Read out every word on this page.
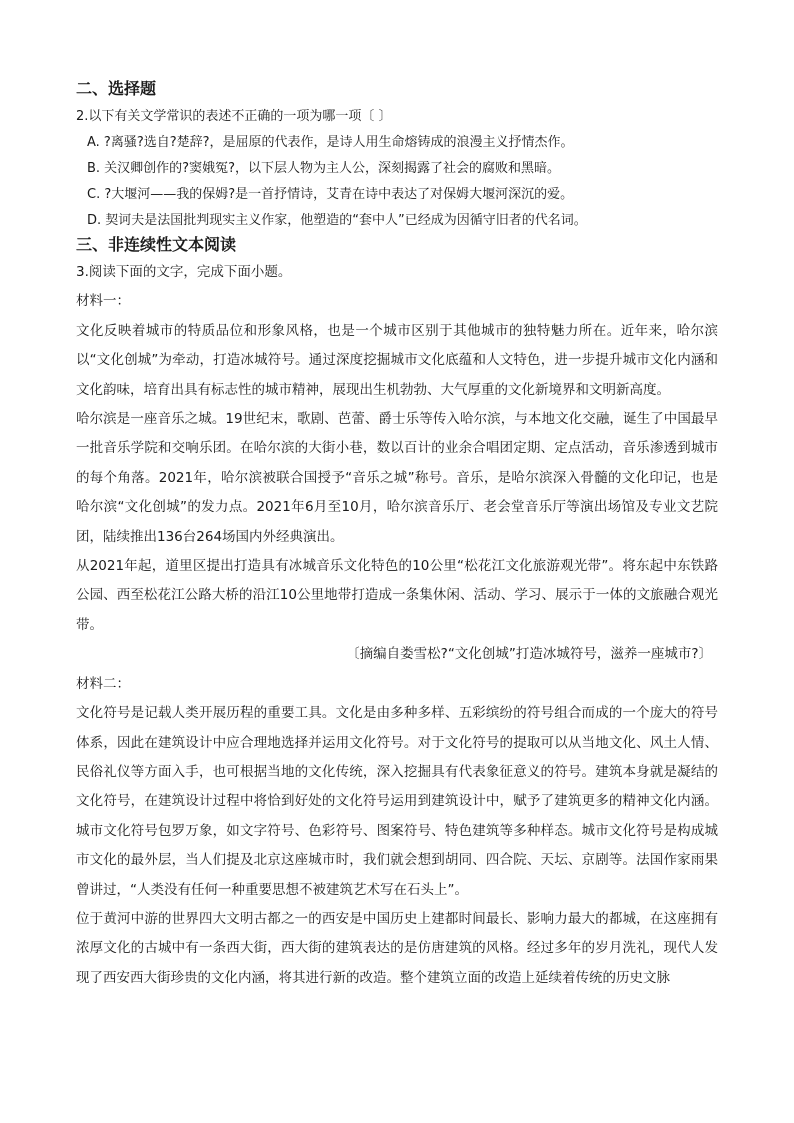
二、选择题

2.以下有关文学常识的表述不正确的一项为哪一项〔 〕

A. ?离骚?选自?楚辞?，是屈原的代表作，是诗人用生命熔铸成的浪漫主义抒情杰作。

B. 关汉卿创作的?窦娥冤?，以下层人物为主人公，深刻揭露了社会的腐败和黑暗。

C. ?大堰河——我的保姆?是一首抒情诗，艾青在诗中表达了对保姆大堰河深沉的爱。

D. 契诃夫是法国批判现实主义作家，他塑造的“套中人”已经成为因循守旧者的代名词。

三、非连续性文本阅读

3.阅读下面的文字，完成下面小题。

材料一：

文化反映着城市的特质品位和形象风格，也是一个城市区别于其他城市的独特魅力所在。近年来，哈尔滨以“文化创城”为牵动，打造冰城符号。通过深度挖掘城市文化底蕴和人文特色，进一步提升城市文化内涵和文化韵味，培育出具有标志性的城市精神，展现出生机勃勃、大气厚重的文化新境界和文明新高度。

哈尔滨是一座音乐之城。19世纪末，歌剧、芭蕾、爵士乐等传入哈尔滨，与本地文化交融，诞生了中国最早一批音乐学院和交响乐团。在哈尔滨的大街小巷，数以百计的业余合唱团定期、定点活动，音乐渗透到城市的每个角落。2021年，哈尔滨被联合国授予“音乐之城”称号。音乐，是哈尔滨深入骨髓的文化印记，也是哈尔滨“文化创城”的发力点。2021年6月至10月，哈尔滨音乐厅、老会堂音乐厅等演出场馆及专业文艺院团，陆续推出136台264场国内外经典演出。

从2021年起，道里区提出打造具有冰城音乐文化特色的10公里“松花江文化旅游观光带”。将东起中东铁路公园、西至松花江公路大桥的沿江10公里地带打造成一条集休闲、活动、学习、展示于一体的文旅融合观光带。

〔摘编自娄雪松?“文化创城”打造冰城符号，滋养一座城市?〕

材料二：

文化符号是记载人类开展历程的重要工具。文化是由多种多样、五彩缤纷的符号组合而成的一个庞大的符号体系，因此在建筑设计中应合理地选择并运用文化符号。对于文化符号的提取可以从当地文化、风土人情、民俗礼仪等方面入手，也可根据当地的文化传统，深入挖掘具有代表象征意义的符号。建筑本身就是凝结的文化符号，在建筑设计过程中将恰到好处的文化符号运用到建筑设计中，赋予了建筑更多的精神文化内涵。城市文化符号包罗万象，如文字符号、色彩符号、图案符号、特色建筑等多种样态。城市文化符号是构成城市文化的最外层，当人们提及北京这座城市时，我们就会想到胡同、四合院、天坛、京剧等。法国作家雨果曾讲过，“人类没有任何一种重要思想不被建筑艺术写在石头上”。

位于黄河中游的世界四大文明古都之一的西安是中国历史上建都时间最长、影响力最大的都城，在这座拥有浓厚文化的古城中有一条西大街，西大街的建筑表达的是仿唐建筑的风格。经过多年的岁月洗礼，现代人发现了西安西大街珍贵的文化内涵，将其进行新的改造。整个建筑立面的改造上延续着传统的历史文脉
